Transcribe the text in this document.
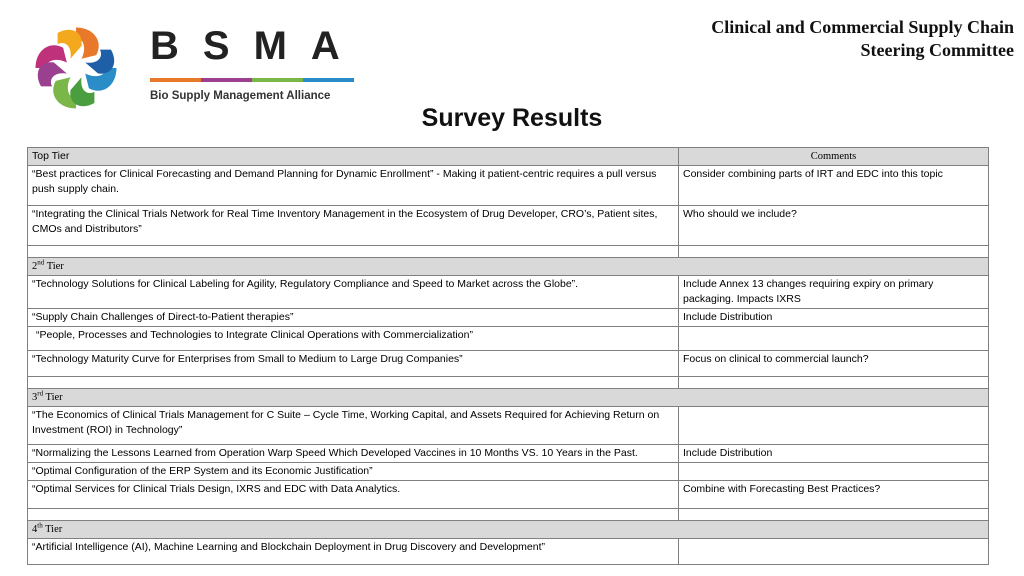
BSMA
Bio Supply Management Alliance
Clinical and Commercial Supply Chain
Steering Committee
Survey Results
Top Tier	Comments
“Best practices for Clinical Forecasting and Demand Planning for Dynamic Enrollment” - Making it patient-centric requires a pull versus push supply chain.	Consider combining parts of IRT and EDC into this topic
“Integrating the Clinical Trials Network for Real Time Inventory Management in the Ecosystem of Drug Developer, CRO’s, Patient sites, CMOs and Distributors”	Who should we include?

2nd Tier	
“Technology Solutions for Clinical Labeling for Agility, Regulatory Compliance and Speed to Market across the Globe”.	Include Annex 13 changes requiring expiry on primary packaging. Impacts IXRS
“Supply Chain Challenges of Direct-to-Patient therapies”	Include Distribution
“People, Processes and Technologies to Integrate Clinical Operations with Commercialization”	
“Technology Maturity Curve for Enterprises from Small to Medium to Large Drug Companies”	Focus on clinical to commercial launch?

3rd Tier	
“The Economics of Clinical Trials Management for C Suite – Cycle Time, Working Capital, and Assets Required for Achieving Return on Investment (ROI) in Technology”	
“Normalizing the Lessons Learned from Operation Warp Speed Which Developed Vaccines in 10 Months VS. 10 Years in the Past.	Include Distribution
“Optimal Configuration of the ERP System and its Economic Justification”	
“Optimal Services for Clinical Trials Design, IXRS and EDC with Data Analytics.	Combine with Forecasting Best Practices?

4th Tier	
“Artificial Intelligence (AI), Machine Learning and Blockchain Deployment in Drug Discovery and Development”	
